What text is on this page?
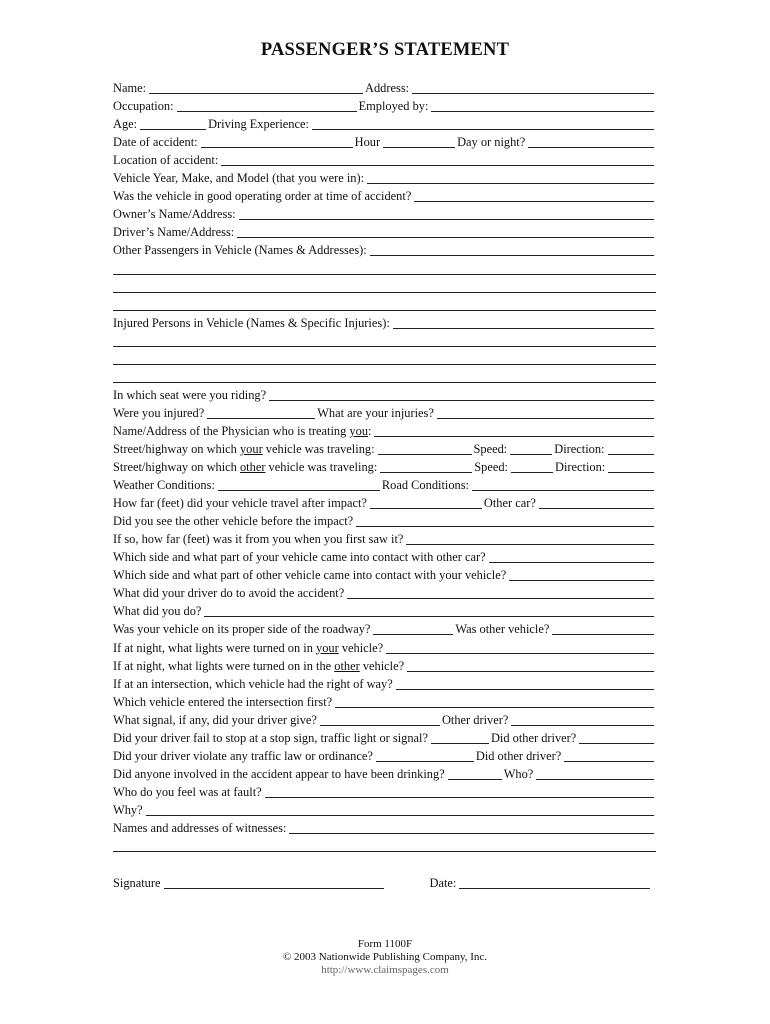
PASSENGER’S STATEMENT
Name:	Address:
Occupation:	Employed by:
Age:	Driving Experience:
Date of accident:	Hour	Day or night?
Location of accident:
Vehicle Year, Make, and Model (that you were in):
Was the vehicle in good operating order at time of accident?
Owner’s Name/Address:
Driver’s Name/Address:
Other Passengers in Vehicle (Names & Addresses):
Injured Persons in Vehicle (Names & Specific Injuries):
In which seat were you riding?
Were you injured?	What are your injuries?
Name/Address of the Physician who is treating you:
Street/highway on which your vehicle was traveling:	Speed:	Direction:
Street/highway on which other vehicle was traveling:	Speed:	Direction:
Weather Conditions:	Road Conditions:
How far (feet) did your vehicle travel after impact?	Other car?
Did you see the other vehicle before the impact?
If so, how far (feet) was it from you when you first saw it?
Which side and what part of your vehicle came into contact with other car?
Which side and what part of other vehicle came into contact with your vehicle?
What did your driver do to avoid the accident?
What did you do?
Was your vehicle on its proper side of the roadway?	Was other vehicle?
If at night, what lights were turned on in your vehicle?
If at night, what lights were turned on in the other vehicle?
If at an intersection, which vehicle had the right of way?
Which vehicle entered the intersection first?
What signal, if any, did your driver give?	Other driver?
Did your driver fail to stop at a stop sign, traffic light or signal?	Did other driver?
Did your driver violate any traffic law or ordinance?	Did other driver?
Did anyone involved in the accident appear to have been drinking?	Who?
Who do you feel was at fault?
Why?
Names and addresses of witnesses:
Signature	Date:
Form 1100F
© 2003 Nationwide Publishing Company, Inc.
http://www.claimspages.com
